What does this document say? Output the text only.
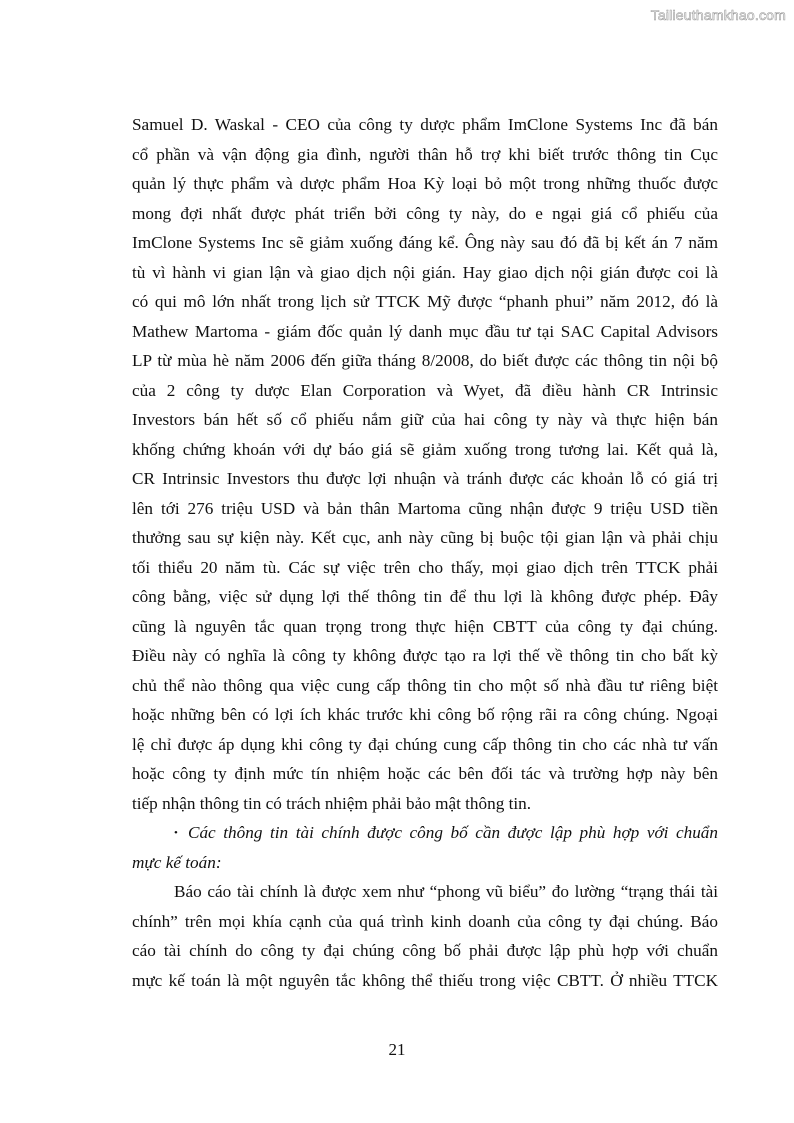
Tailieuthamkhao.com
Samuel D. Waskal - CEO của công ty dược phẩm ImClone Systems Inc đã bán
cổ phần và vận động gia đình, người thân hỗ trợ khi biết trước thông tin Cục
quản lý thực phẩm và dược phẩm Hoa Kỳ loại bỏ một trong những thuốc được
mong đợi nhất được phát triển bởi công ty này, do e ngại giá cổ phiếu của
ImClone Systems Inc sẽ giảm xuống đáng kể. Ông này sau đó đã bị kết án 7 năm
tù vì hành vi gian lận và giao dịch nội gián. Hay giao dịch nội gián được coi là
có qui mô lớn nhất trong lịch sử TTCK Mỹ được “phanh phui” năm 2012, đó là
Mathew Martoma - giám đốc quản lý danh mục đầu tư tại SAC Capital Advisors
LP từ mùa hè năm 2006 đến giữa tháng 8/2008, do biết được các thông tin nội bộ
của 2 công ty dược Elan Corporation và Wyet, đã điều hành CR Intrinsic
Investors bán hết số cổ phiếu nắm giữ của hai công ty này và thực hiện bán
khống chứng khoán với dự báo giá sẽ giảm xuống trong tương lai. Kết quả là,
CR Intrinsic Investors thu được lợi nhuận và tránh được các khoản lỗ có giá trị
lên tới 276 triệu USD và bản thân Martoma cũng nhận được 9 triệu USD tiền
thưởng sau sự kiện này. Kết cục, anh này cũng bị buộc tội gian lận và phải chịu
tối thiểu 20 năm tù. Các sự việc trên cho thấy, mọi giao dịch trên TTCK phải
công bằng, việc sử dụng lợi thế thông tin để thu lợi là không được phép. Đây
cũng là nguyên tắc quan trọng trong thực hiện CBTT của công ty đại chúng.
Điều này có nghĩa là công ty không được tạo ra lợi thế về thông tin cho bất kỳ
chủ thể nào thông qua việc cung cấp thông tin cho một số nhà đầu tư riêng biệt
hoặc những bên có lợi ích khác trước khi công bố rộng rãi ra công chúng. Ngoại
lệ chỉ được áp dụng khi công ty đại chúng cung cấp thông tin cho các nhà tư vấn
hoặc công ty định mức tín nhiệm hoặc các bên đối tác và trường hợp này bên
tiếp nhận thông tin có trách nhiệm phải bảo mật thông tin.
• Các thông tin tài chính được công bố cần được lập phù hợp với chuẩn
mực kế toán:
Báo cáo tài chính là được xem như “phong vũ biểu” đo lường “trạng thái tài
chính” trên mọi khía cạnh của quá trình kinh doanh của công ty đại chúng. Báo
cáo tài chính do công ty đại chúng công bố phải được lập phù hợp với chuẩn
mực kế toán là một nguyên tắc không thể thiếu trong việc CBTT. Ở nhiều TTCK
21
